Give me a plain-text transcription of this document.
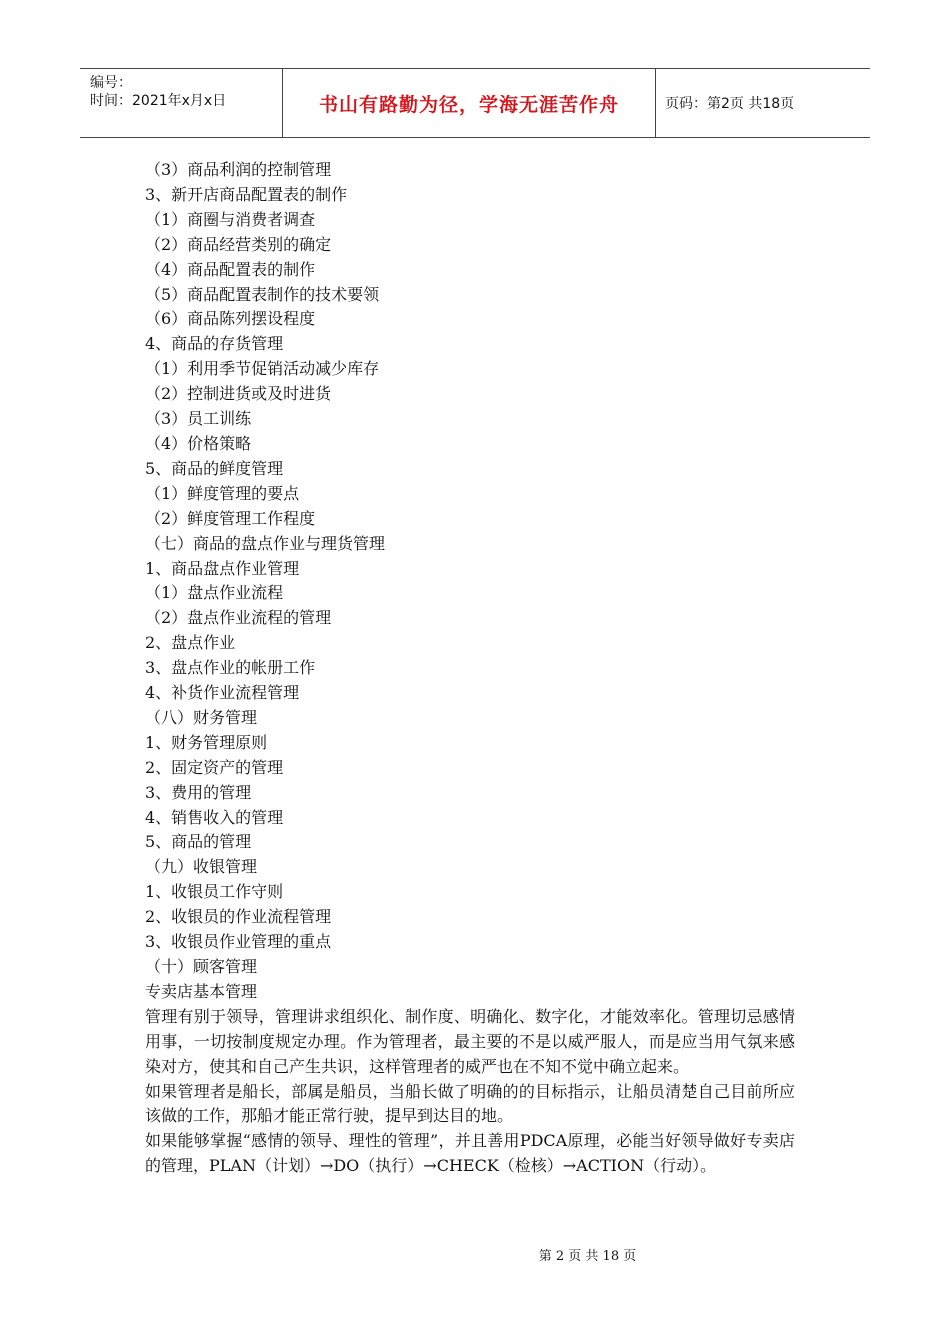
编号：
时间：2021年x月x日	书山有路勤为径，学海无涯苦作舟	页码：第2页 共18页
（3）商品利润的控制管理
3、新开店商品配置表的制作
（1）商圈与消费者调查
（2）商品经营类别的确定
（4）商品配置表的制作
（5）商品配置表制作的技术要领
（6）商品陈列摆设程度
4、商品的存货管理
（1）利用季节促销活动减少库存
（2）控制进货或及时进货
（3）员工训练
（4）价格策略
5、商品的鲜度管理
（1）鲜度管理的要点
（2）鲜度管理工作程度
（七）商品的盘点作业与理货管理
1、商品盘点作业管理
（1）盘点作业流程
（2）盘点作业流程的管理
2、盘点作业
3、盘点作业的帐册工作
4、补货作业流程管理
（八）财务管理
1、财务管理原则
2、固定资产的管理
3、费用的管理
4、销售收入的管理
5、商品的管理
（九）收银管理
1、收银员工作守则
2、收银员的作业流程管理
3、收银员作业管理的重点
（十）顾客管理
专卖店基本管理
管理有别于领导，管理讲求组织化、制作度、明确化、数字化，才能效率化。管理切忌感情用事，一切按制度规定办理。作为管理者，最主要的不是以威严服人，而是应当用气氛来感染对方，使其和自己产生共识，这样管理者的威严也在不知不觉中确立起来。
如果管理者是船长，部属是船员，当船长做了明确的的目标指示，让船员清楚自己目前所应该做的工作，那船才能正常行驶，提早到达目的地。
如果能够掌握“感情的领导、理性的管理”，并且善用PDCA原理，必能当好领导做好专卖店的管理，PLAN（计划）→DO（执行）→CHECK（检核）→ACTION（行动）。
第 2 页 共 18 页
